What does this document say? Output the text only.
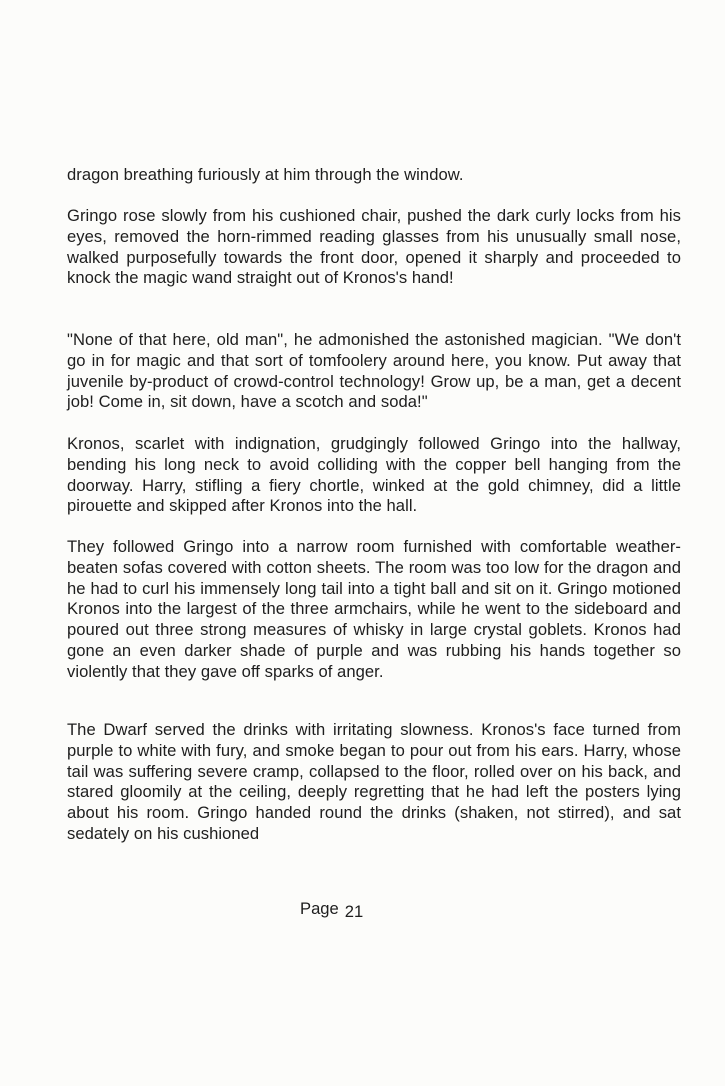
dragon breathing furiously at him through the window.

Gringo rose slowly from his cushioned chair, pushed the dark curly locks from his eyes, removed the horn-rimmed reading glasses from his unusually small nose, walked purposefully towards the front door, opened it sharply and proceeded to knock the magic wand straight out of Kronos's hand!

"None of that here, old man", he admonished the astonished magician. "We don't go in for magic and that sort of tomfoolery around here, you know. Put away that juvenile by-product of crowd-control technology! Grow up, be a man, get a decent job! Come in, sit down, have a scotch and soda!"

Kronos, scarlet with indignation, grudgingly followed Gringo into the hallway, bending his long neck to avoid colliding with the copper bell hanging from the doorway. Harry, stifling a fiery chortle, winked at the gold chimney, did a little pirouette and skipped after Kronos into the hall.

They followed Gringo into a narrow room furnished with comfortable weather-beaten sofas covered with cotton sheets. The room was too low for the dragon and he had to curl his immensely long tail into a tight ball and sit on it. Gringo motioned Kronos into the largest of the three armchairs, while he went to the sideboard and poured out three strong measures of whisky in large crystal goblets. Kronos had gone an even darker shade of purple and was rubbing his hands together so violently that they gave off sparks of anger.

The Dwarf served the drinks with irritating slowness. Kronos's face turned from purple to white with fury, and smoke began to pour out from his ears. Harry, whose tail was suffering severe cramp, collapsed to the floor, rolled over on his back, and stared gloomily at the ceiling, deeply regretting that he had left the posters lying about his room. Gringo handed round the drinks (shaken, not stirred), and sat sedately on his cushioned

Page 21
